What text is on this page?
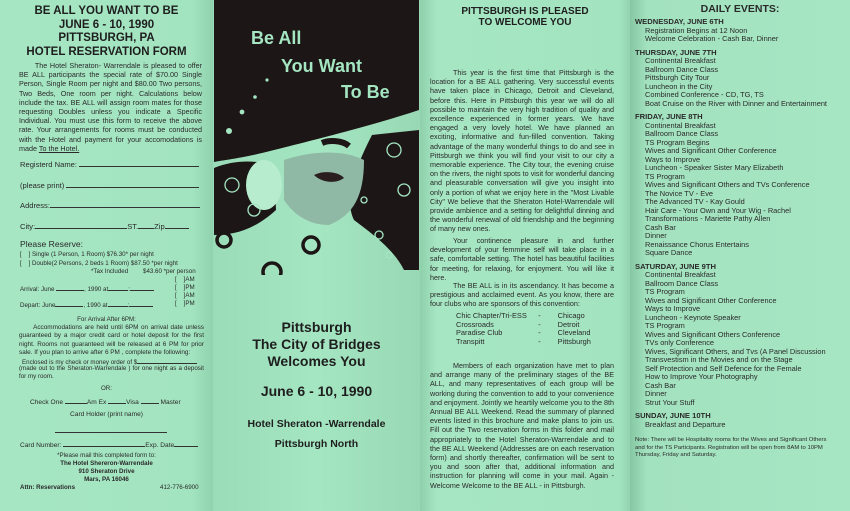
BE ALL YOU WANT TO BE
JUNE 6 - 10, 1990
PITTSBURGH, PA
HOTEL RESERVATION FORM
The Hotel Sheraton- Warrendale is pleased to offer BE ALL participants the special rate of $70.00 Single Person, Single Room per night and $80.00 Two persons, Two Beds, One room per night. Calculations below include the tax. BE ALL will assign room mates for those requesting Doubles unless you indicate a Specific Individual. You must use this form to receive the above rate. Your arrangements for rooms must be conducted with the Hotel and payment for your accomodations is made To the Hotel.
Registerd Name:
(please print)
Address:
City:	ST. Zip
Please Reserve:
[    ] Single (1 Person, 1 Room) $76.30* per night
[    ] Double(2 Persons, 2 beds 1 Room) $87.50 *per night
*Tax Included $43.60 *per person
[    ]AM
Arrival: June	, 1990 at	:	[    ]PM
[    ]AM
Depart: June	, 1990 at	:	[    ]PM
For Arrival After 6PM:
Accommodations are held until 6PM on arrival date unless guaranteed by a major credit card or hotel deposit for the first night. Rooms not guaranteed will be released at 6 PM for prior sale. If you plan to arrive after 6 PM , complete the following:
Enclosed is my check or money order of $
(made out to the Sheraton-Warrendale ) for one night as a deposit for my room.
OR:
Check One	Am Ex	Visa	Master
Card Holder (print name)
Card Number:	Exp. Date
*Please mail this completed form to:
The Hotel Shereron-Warrendale
910 Sheraton Drive
Mars, PA 16046
Attn: Reservations	412-776-6900
Be All
You Want
To Be
Pittsburgh
The City of Bridges
Welcomes You
June 6 - 10, 1990
Hotel Sheraton -Warrendale
Pittsburgh North
PITTSBURGH IS PLEASED
TO WELCOME YOU
This year is the first time that Pittsburgh is the location for a BE ALL gathering. Very successful events have taken place in Chicago, Detroit and Cleveland, before this. Here in Pittsburgh this year we will do all possible to maintain the very high tradition of quality and excellence experienced in former years. We have engaged a very lovely hotel. We have planned an exciting, informative and fun-filled convention. Taking advantage of the many wonderful things to do and see in Pittsburgh we think you will find your visit to our city a memorable experience. The City tour, the evening cruise on the rivers, the night spots to visit for wonderful dancing and pleasurable conversation will give you insight into only a portion of what we enjoy here in the "Most Livable City" We believe that the Sheraton Hotel-Warrendale will provide ambience and a setting for delightful dinning and the wonderful renewal of old friendship and the beginning of many new ones.
Your continence pleasure in and further development of your femmine self will take place in a safe, comfortable setting. The hotel has beautiful facilities for meeting, for relaxing, for enjoyment. You will like it here.
The BE ALL is in its ascendancy. It has become a prestigious and acclaimed event. As you know, there are four clubs who are sponsors of this convention:
Chic Chapter/Tri-ESS	-	Chicago
Crossroads	-	Detroit
Paradise Club	-	Cleveland
Transpitt	-	Pittsburgh
Members of each organization have met to plan and arrange many of the preliminary stages of the BE ALL, and many representatives of each group will be working during the convention to add to your convenience and enjoyment. Jointly we heartily welcome you to the 8th Annual BE ALL Weekend. Read the summary of planned events listed in this brochure and make plans to join us. Fill out the Two reservation forms in this folder and mail appropriately to the Hotel Sheraton-Warrendale and to the BE ALL Weekend (Addresses are on each reservation form) and shortly thereafter, confirmation will be sent to you and soon after that, additional information and instruction for planning will come in your mail. Again - Welcome Welcome to the BE ALL - in Pittsburgh.
DAILY EVENTS:
WEDNESDAY, JUNE 6TH
Registration Begins at 12 Noon
Welcome Celebration - Cash Bar, Dinner
THURSDAY, JUNE 7TH
Continental Breakfast
Ballroom Dance Class
Pittsburgh City Tour
Luncheon in the City
Combined Conference - CD, TG, TS
Boat Cruise on the River with Dinner and Entertainment
FRIDAY, JUNE 8TH
Continental Breakfast
Ballroom Dance Class
TS Program Begins
Wives and Significant Other Conference
Ways to Improve
Luncheon - Speaker Sister Mary Elizabeth
TS Program
Wives and Significant Others and TVs Conference
The Novice TV - Eve
The Advanced TV - Kay Gould
Hair Care - Your Own and Your Wig - Rachel
Transformations - Mariette Pathy Allen
Cash Bar
Dinner
Renaissance Chorus Entertains
Square Dance
SATURDAY, JUNE 9TH
Continental Breakfast
Ballroom Dance Class
TS Program
Wives and Significant Other Conference
Ways to Improve
Luncheon - Keynote Speaker
TS Program
Wives and Significant Others Conference
TVs only Conference
Wives, Significant Others, and Tvs (A Panel Discussion
Transvestism in the Movies and on the Stage
Self Protection and Self Defence for the Female
How to Improve Your Photography
Cash Bar
Dinner
Strut Your Stuff
SUNDAY, JUNE 10TH
Breakfast and Departure
Note: There will be Hospitality rooms for the Wives and Significant Others and for the TS Participants. Registration will be open from 8AM to 10PM Thursday, Friday and Saturday.
